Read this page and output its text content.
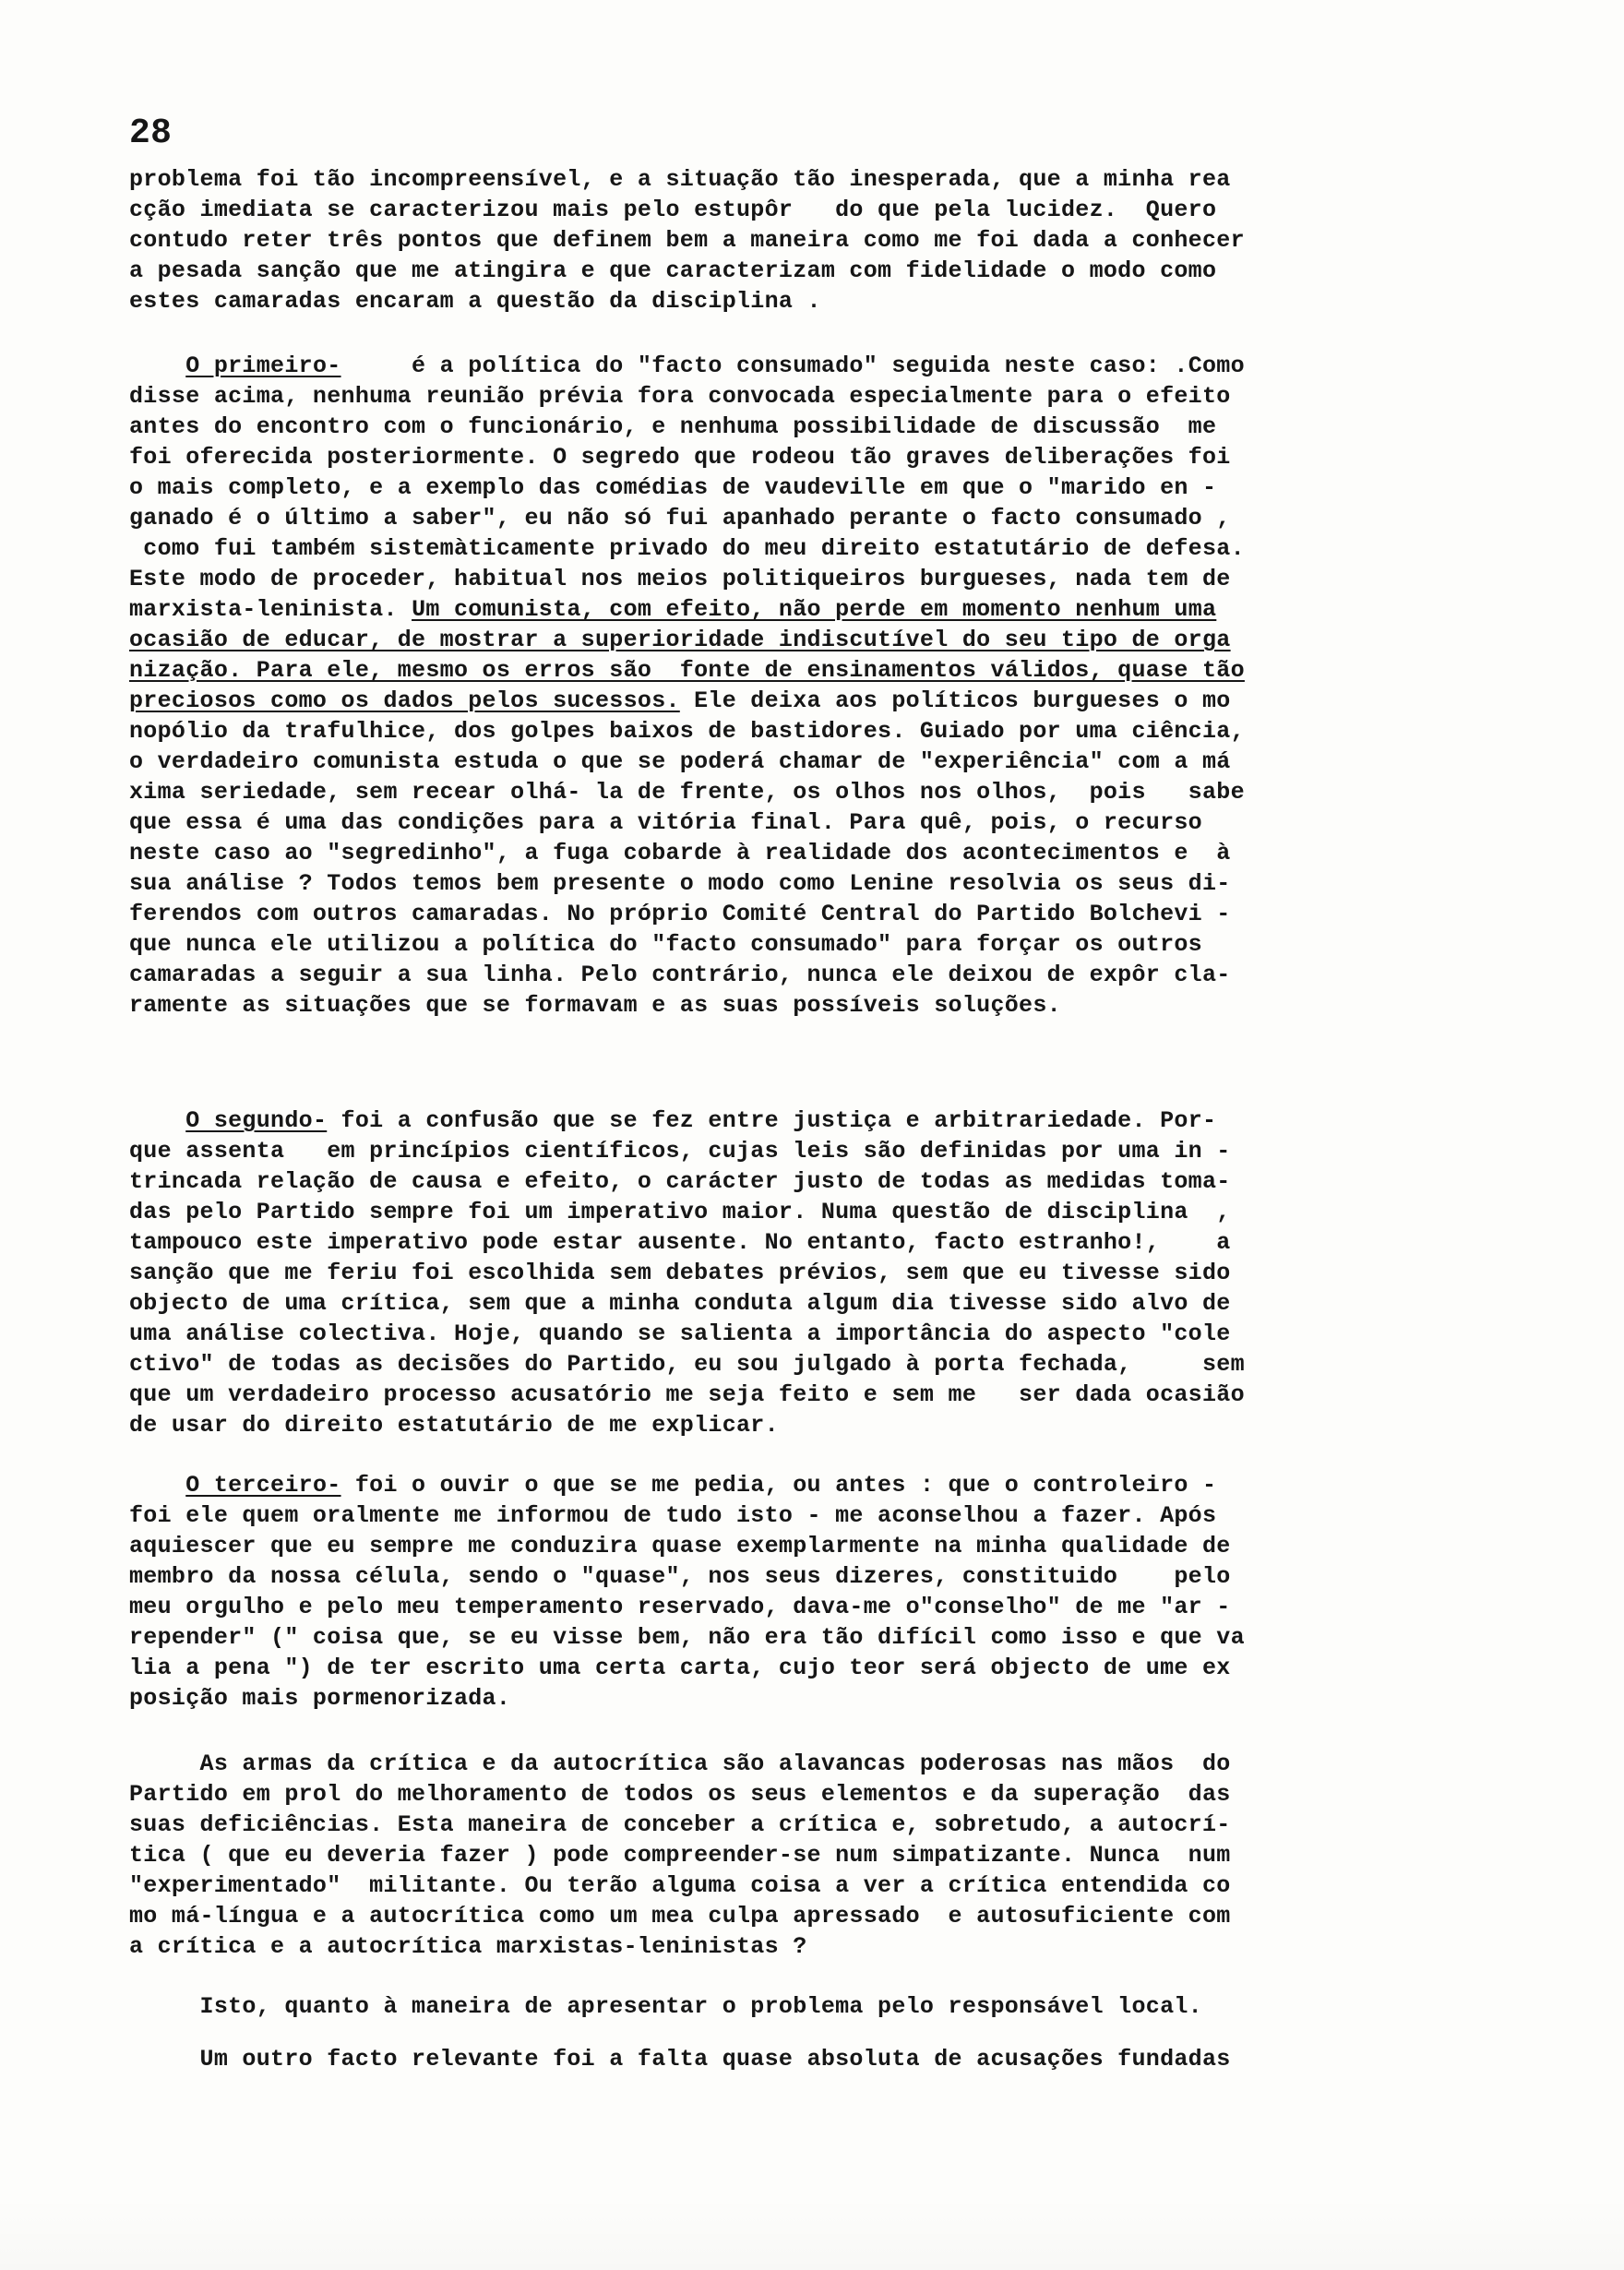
28
problema foi tão incompreensível, e a situação tão inesperada, que a minha rea
cção imediata se caracterizou mais pelo estupôr   do que pela lucidez.  Quero
contudo reter três pontos que definem bem a maneira como me foi dada a conhecer
a pesada sanção que me atingira e que caracterizam com fidelidade o modo como
estes camaradas encaram a questão da disciplina .
O primeiro-     é a política do "facto consumado" seguida neste caso: .Como
disse acima, nenhuma reunião prévia fora convocada especialmente para o efeito
antes do encontro com o funcionário, e nenhuma possibilidade de discussão  me
foi oferecida posteriormente. O segredo que rodeou tão graves deliberações foi
o mais completo, e a exemplo das comédias de vaudeville em que o "marido en -
ganado é o último a saber", eu não só fui apanhado perante o facto consumado ,
como fui também sistemàticamente privado do meu direito estatutário de defesa.
Este modo de proceder, habitual nos meios politiqueiros burgueses, nada tem de
marxista-leninista. Um comunista, com efeito, não perde em momento nenhum uma
ocasião de educar, de mostrar a superioridade indiscutível do seu tipo de orga
nização. Para ele, mesmo os erros são  fonte de ensinamentos válidos, quase tão
preciosos como os dados pelos sucessos. Ele deixa aos políticos burgueses o mo
nopólio da trafulhice, dos golpes baixos de bastidores. Guiado por uma ciência,
o verdadeiro comunista estuda o que se poderá chamar de "experiência" com a má
xima seriedade, sem recear olhá- la de frente, os olhos nos olhos,  pois   sabe
que essa é uma das condições para a vitória final. Para quê, pois, o recurso
neste caso ao "segredinho", a fuga cobarde à realidade dos acontecimentos e  à
sua análise ? Todos temos bem presente o modo como Lenine resolvia os seus di-
ferendos com outros camaradas. No próprio Comité Central do Partido Bolchevi -
que nunca ele utilizou a política do "facto consumado" para forçar os outros
camaradas a seguir a sua linha. Pelo contrário, nunca ele deixou de expôr cla-
ramente as situações que se formavam e as suas possíveis soluções.
O segundo- foi a confusão que se fez entre justiça e arbitrariedade. Por-
que assenta   em princípios científicos, cujas leis são definidas por uma in -
trincada relação de causa e efeito, o carácter justo de todas as medidas toma-
das pelo Partido sempre foi um imperativo maior. Numa questão de disciplina  ,
tampouco este imperativo pode estar ausente. No entanto, facto estranho!,    a
sanção que me feriu foi escolhida sem debates prévios, sem que eu tivesse sido
objecto de uma crítica, sem que a minha conduta algum dia tivesse sido alvo de
uma análise colectiva. Hoje, quando se salienta a importância do aspecto "cole
ctivo" de todas as decisões do Partido, eu sou julgado à porta fechada,     sem
que um verdadeiro processo acusatório me seja feito e sem me   ser dada ocasião
de usar do direito estatutário de me explicar.
O terceiro- foi o ouvir o que se me pedia, ou antes : que o controleiro -
foi ele quem oralmente me informou de tudo isto - me aconselhou a fazer. Após
aquiescer que eu sempre me conduzira quase exemplarmente na minha qualidade de
membro da nossa célula, sendo o "quase", nos seus dizeres, constituido    pelo
meu orgulho e pelo meu temperamento reservado, dava-me o"conselho" de me "ar -
repender" (" coisa que, se eu visse bem, não era tão difícil como isso e que va
lia a pena ") de ter escrito uma certa carta, cujo teor será objecto de ume ex
posição mais pormenorizada.
As armas da crítica e da autocrítica são alavancas poderosas nas mãos  do
Partido em prol do melhoramento de todos os seus elementos e da superação  das
suas deficiências. Esta maneira de conceber a crítica e, sobretudo, a autocrí-
tica ( que eu deveria fazer ) pode compreender-se num simpatizante. Nunca  num
"experimentado"  militante. Ou terão alguma coisa a ver a crítica entendida co
mo má-língua e a autocrítica como um mea culpa apressado  e autosuficiente com
a crítica e a autocrítica marxistas-leninistas ?
Isto, quanto à maneira de apresentar o problema pelo responsável local.
Um outro facto relevante foi a falta quase absoluta de acusações fundadas
